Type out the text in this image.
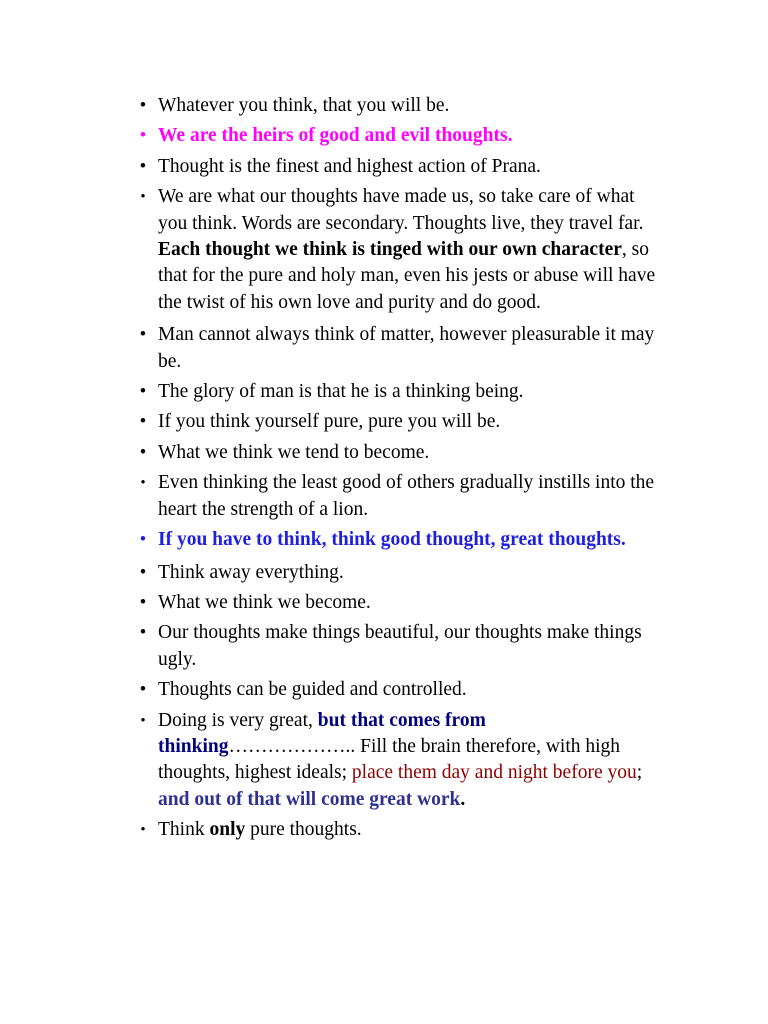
• Whatever you think, that you will be.
• We are the heirs of good and evil thoughts.
• Thought is the finest and highest action of Prana.
• We are what our thoughts have made us, so take care of what you think. Words are secondary. Thoughts live, they travel far. Each thought we think is tinged with our own character, so that for the pure and holy man, even his jests or abuse will have the twist of his own love and purity and do good.
• Man cannot always think of matter, however pleasurable it may be.
• The glory of man is that he is a thinking being.
• If you think yourself pure, pure you will be.
• What we think we tend to become.
• Even thinking the least good of others gradually instills into the heart the strength of a lion.
• If you have to think, think good thought, great thoughts.
• Think away everything.
• What we think we become.
• Our thoughts make things beautiful, our thoughts make things ugly.
• Thoughts can be guided and controlled.
• Doing is very great, but that comes from thinking……………….. Fill the brain therefore, with high thoughts, highest ideals; place them day and night before you; and out of that will come great work.
• Think only pure thoughts.
